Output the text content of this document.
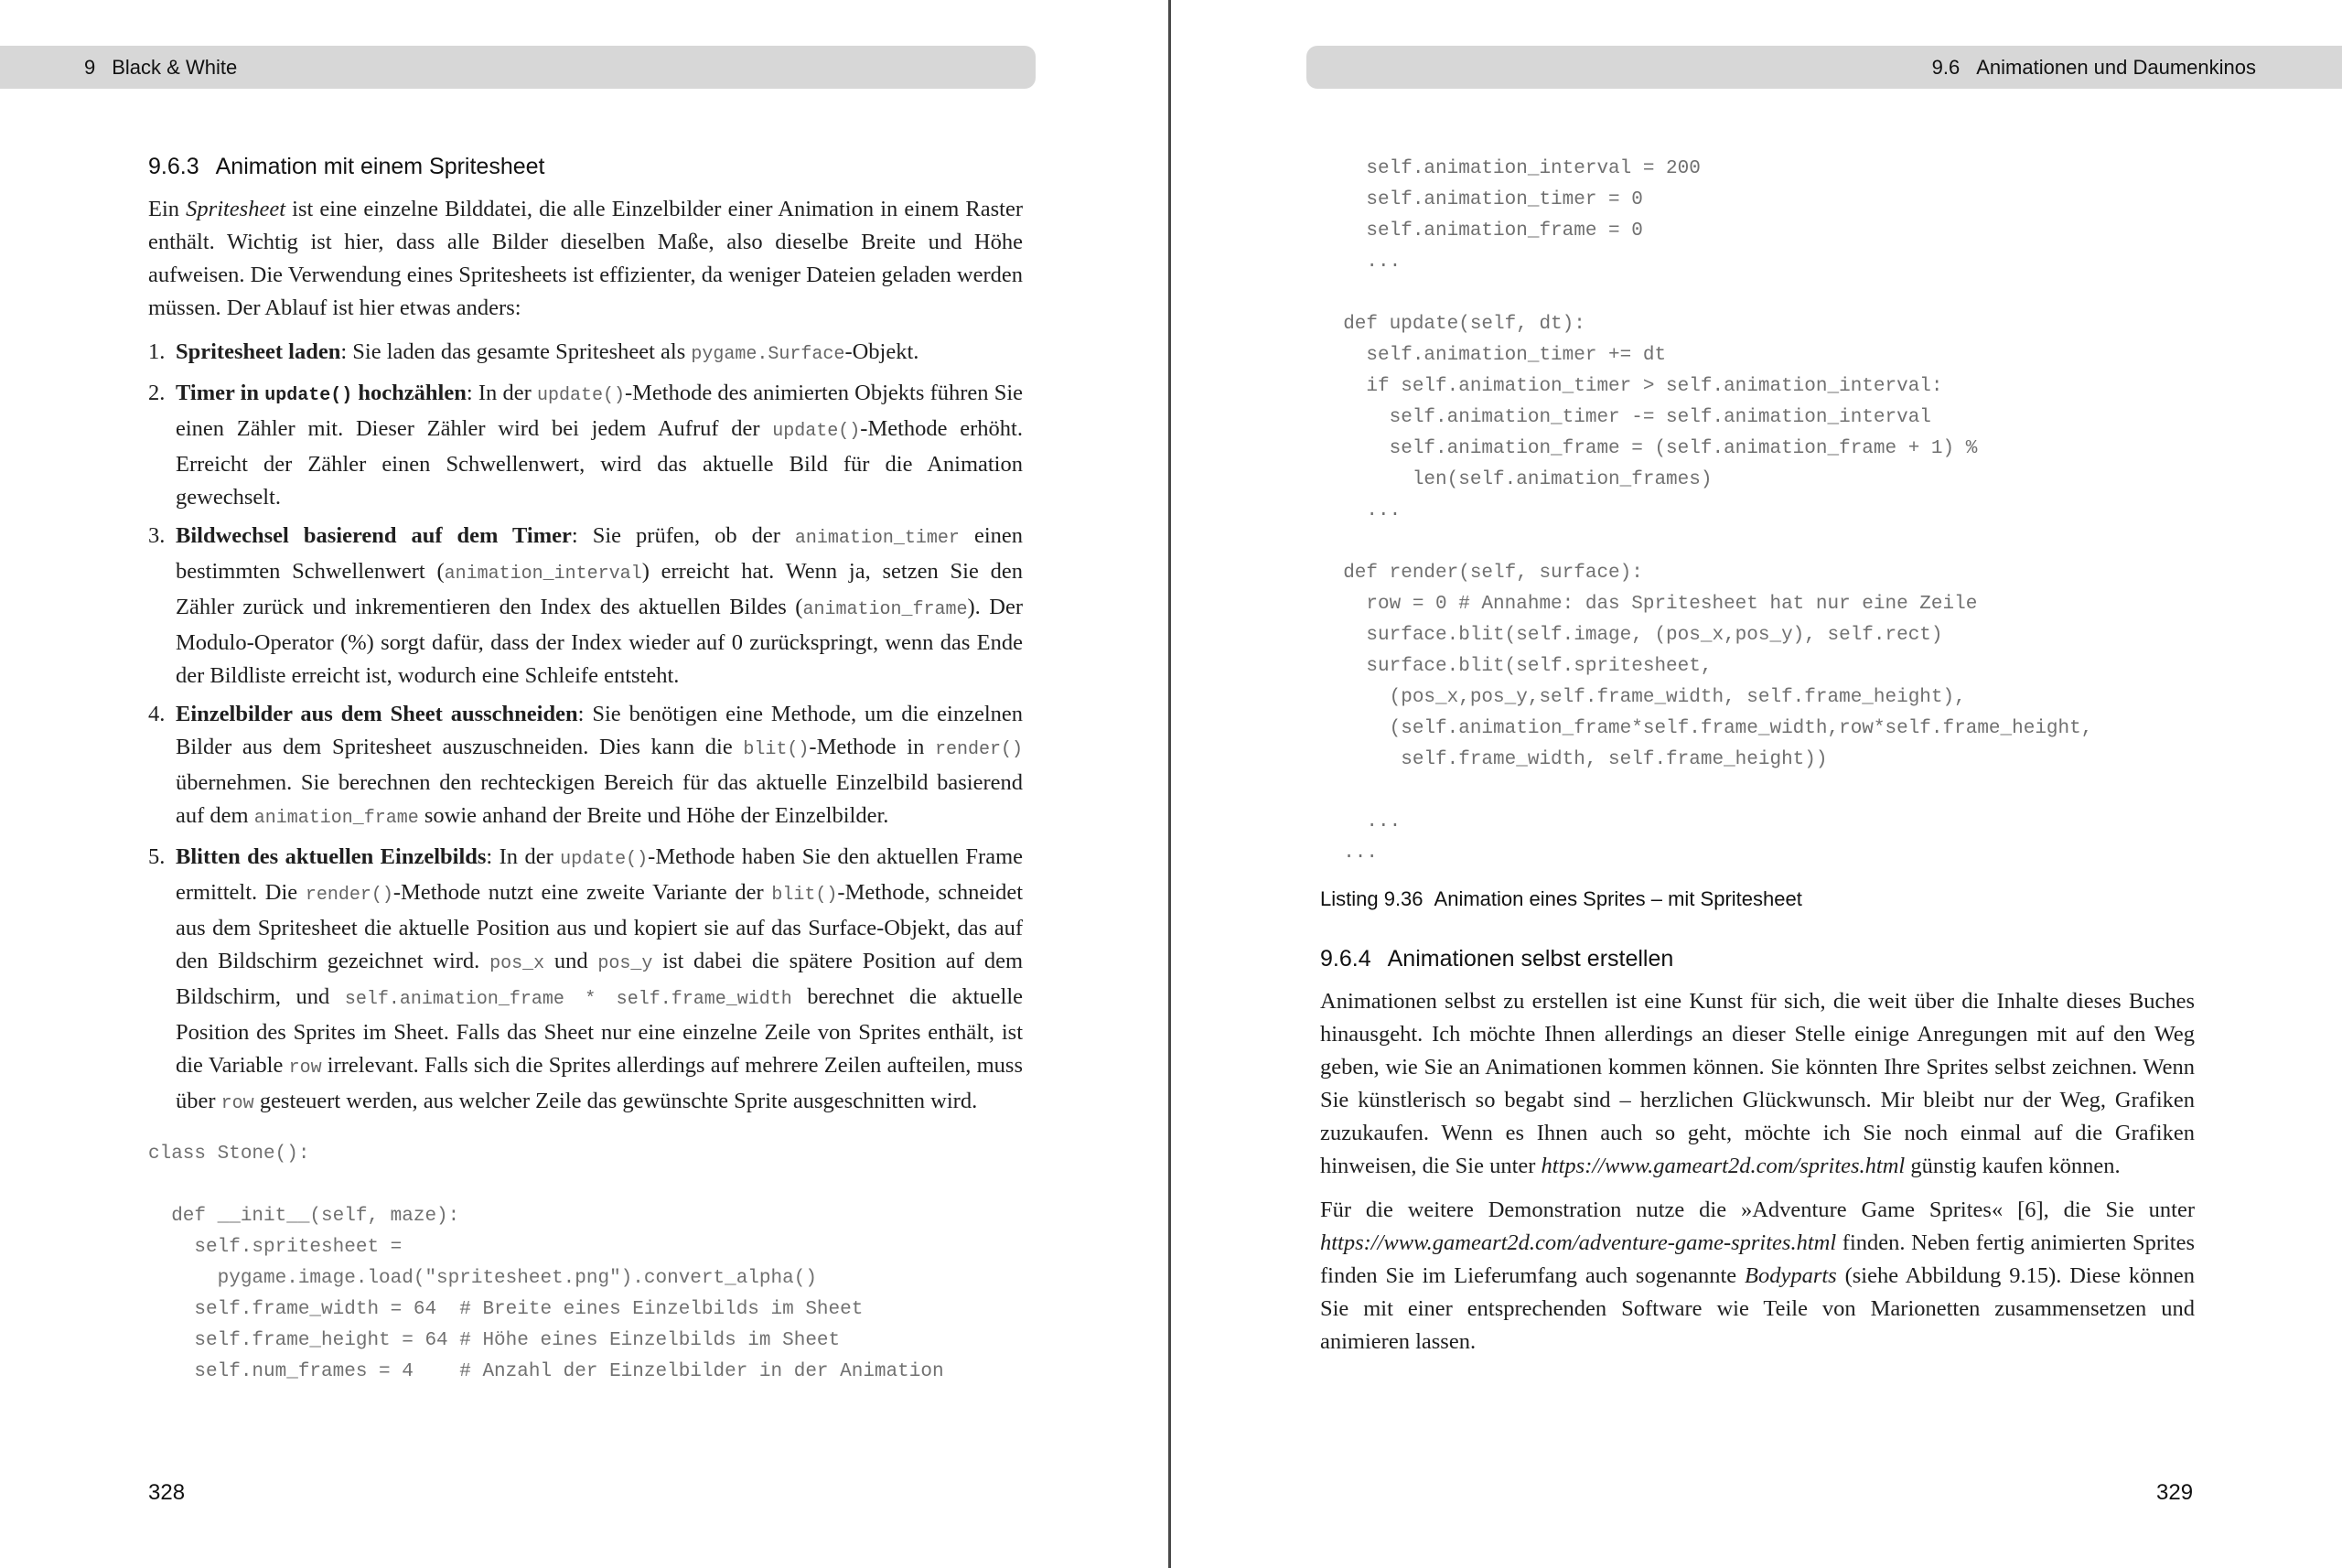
9 Black & White
9.6.3 Animation mit einem Spritesheet

Ein Spritesheet ist eine einzelne Bilddatei, die alle Einzelbilder einer Animation in einem Raster enthält. Wichtig ist hier, dass alle Bilder dieselben Maße, also dieselbe Breite und Höhe aufweisen. Die Verwendung eines Spritesheets ist effizienter, da weniger Dateien geladen werden müssen. Der Ablauf ist hier etwas anders:

1. Spritesheet laden: Sie laden das gesamte Spritesheet als pygame.Surface-Objekt.
2. Timer in update() hochzählen: In der update()-Methode des animierten Objekts führen Sie einen Zähler mit. Dieser Zähler wird bei jedem Aufruf der update()-Methode erhöht. Erreicht der Zähler einen Schwellenwert, wird das aktuelle Bild für die Animation gewechselt.
3. Bildwechsel basierend auf dem Timer: Sie prüfen, ob der animation_timer einen bestimmten Schwellenwert (animation_interval) erreicht hat. Wenn ja, setzen Sie den Zähler zurück und inkrementieren den Index des aktuellen Bildes (animation_frame). Der Modulo-Operator (%) sorgt dafür, dass der Index wieder auf 0 zurückspringt, wenn das Ende der Bildliste erreicht ist, wodurch eine Schleife entsteht.
4. Einzelbilder aus dem Sheet ausschneiden: Sie benötigen eine Methode, um die einzelnen Bilder aus dem Spritesheet auszuschneiden. Dies kann die blit()-Methode in render() übernehmen. Sie berechnen den rechteckigen Bereich für das aktuelle Einzelbild basierend auf dem animation_frame sowie anhand der Breite und Höhe der Einzelbilder.
5. Blitten des aktuellen Einzelbilds: In der update()-Methode haben Sie den aktuellen Frame ermittelt. Die render()-Methode nutzt eine zweite Variante der blit()-Methode, schneidet aus dem Spritesheet die aktuelle Position aus und kopiert sie auf das Surface-Objekt, das auf den Bildschirm gezeichnet wird. pos_x und pos_y ist dabei die spätere Position auf dem Bildschirm, und self.animation_frame * self.frame_width berechnet die aktuelle Position des Sprites im Sheet. Falls das Sheet nur eine einzelne Zeile von Sprites enthält, ist die Variable row irrelevant. Falls sich die Sprites allerdings auf mehrere Zeilen aufteilen, muss über row gesteuert werden, aus welcher Zeile das gewünschte Sprite ausgeschnitten wird.
class Stone():

def __init__(self, maze):
self.spritesheet =
pygame.image.load("spritesheet.png").convert_alpha()
self.frame_width = 64  # Breite eines Einzelbilds im Sheet
self.frame_height = 64 # Höhe eines Einzelbilds im Sheet
self.num_frames = 4    # Anzahl der Einzelbilder in der Animation
328
9.6 Animationen und Daumenkinos
self.animation_interval = 200
self.animation_timer = 0
self.animation_frame = 0
...

def update(self, dt):
self.animation_timer += dt
if self.animation_timer > self.animation_interval:
self.animation_timer -= self.animation_interval
self.animation_frame = (self.animation_frame + 1) %
len(self.animation_frames)
...

def render(self, surface):
row = 0 # Annahme: das Spritesheet hat nur eine Zeile
surface.blit(self.image, (pos_x,pos_y), self.rect)
surface.blit(self.spritesheet,
(pos_x,pos_y,self.frame_width, self.frame_height),
(self.animation_frame*self.frame_width,row*self.frame_height,
self.frame_width, self.frame_height))

...
...
Listing 9.36 Animation eines Sprites – mit Spritesheet
9.6.4 Animationen selbst erstellen

Animationen selbst zu erstellen ist eine Kunst für sich, die weit über die Inhalte dieses Buches hinausgeht. Ich möchte Ihnen allerdings an dieser Stelle einige Anregungen mit auf den Weg geben, wie Sie an Animationen kommen können. Sie könnten Ihre Sprites selbst zeichnen. Wenn Sie künstlerisch so begabt sind – herzlichen Glückwunsch. Mir bleibt nur der Weg, Grafiken zuzukaufen. Wenn es Ihnen auch so geht, möchte ich Sie noch einmal auf die Grafiken hinweisen, die Sie unter https://www.gameart2d.com/sprites.html günstig kaufen können.

Für die weitere Demonstration nutze die »Adventure Game Sprites« [6], die Sie unter https://www.gameart2d.com/adventure-game-sprites.html finden. Neben fertig animierten Sprites finden Sie im Lieferumfang auch sogenannte Bodyparts (siehe Abbildung 9.15). Diese können Sie mit einer entsprechenden Software wie Teile von Marionetten zusammensetzen und animieren lassen.

329
